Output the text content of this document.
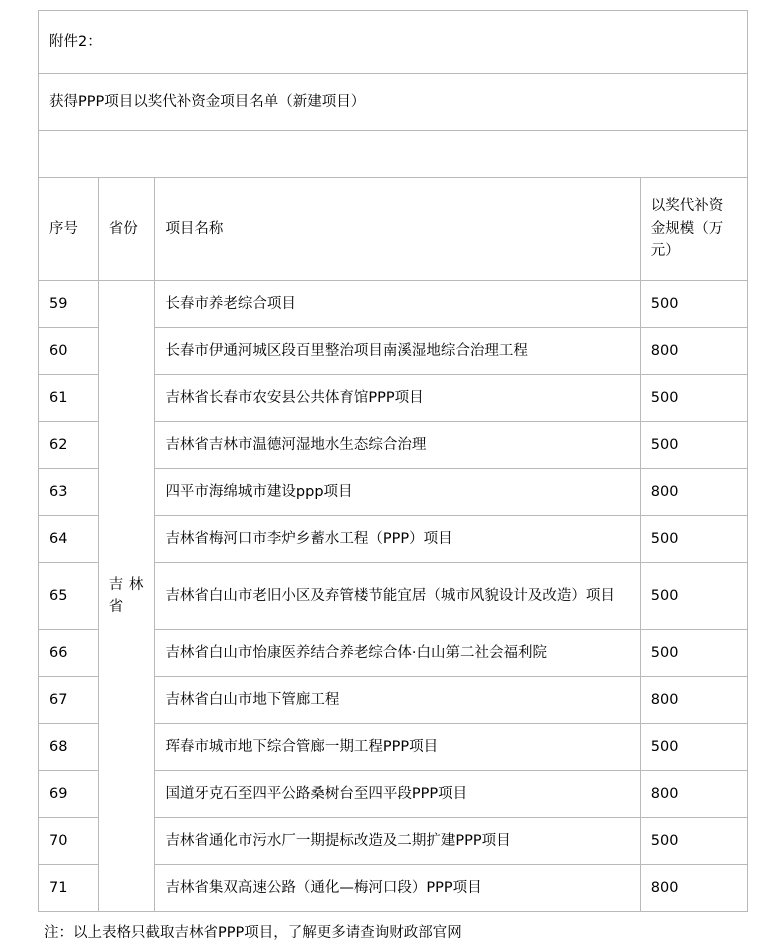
附件2：			
获得PPP项目以奖代补资金项目名单（新建项目）			

序号	省份	项目名称	以奖代补资金规模（万元）
59	吉 林 省	长春市养老综合项目	500
60		长春市伊通河城区段百里整治项目南溪湿地综合治理工程	800
61		吉林省长春市农安县公共体育馆PPP项目	500
62		吉林省吉林市温德河湿地水生态综合治理	500
63		四平市海绵城市建设ppp项目	800
64		吉林省梅河口市李炉乡蓄水工程（PPP）项目	500
65		吉林省白山市老旧小区及弃管楼节能宜居（城市风貌设计及改造）项目	500
66		吉林省白山市怡康医养结合养老综合体·白山第二社会福利院	500
67		吉林省白山市地下管廊工程	800
68		珲春市城市地下综合管廊一期工程PPP项目	500
69		国道牙克石至四平公路桑树台至四平段PPP项目	800
70		吉林省通化市污水厂一期提标改造及二期扩建PPP项目	500
71		吉林省集双高速公路（通化—梅河口段）PPP项目	800
注：以上表格只截取吉林省PPP项目，了解更多请查询财政部官网
